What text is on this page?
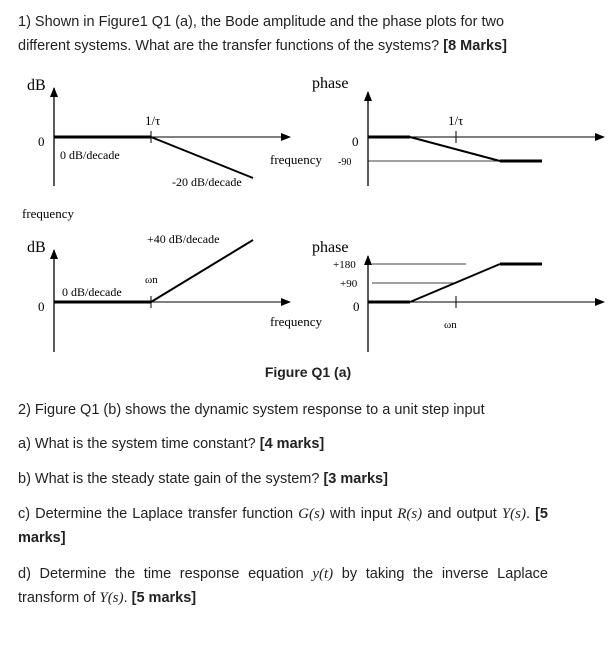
1) Shown in Figure1 Q1 (a), the Bode amplitude and the phase plots for two different systems. What are the transfer functions of the systems? [8 Marks]
dB
0
1/τ
0 dB/decade
-20 dB/decade
frequency
phase
0
-90
1/τ
frequency
dB
0
0 dB/decade
ωn
+40 dB/decade	phase
+180
+90
0
frequency	ωn
Figure Q1 (a)
2) Figure Q1 (b) shows the dynamic system response to a unit step input
a) What is the system time constant? [4 marks]
b) What is the steady state gain of the system? [3 marks]
c) Determine the Laplace transfer function G(s) with input R(s) and output Y(s). [5 marks]
d) Determine the time response equation y(t) by taking the inverse Laplace transform of Y(s). [5 marks]
